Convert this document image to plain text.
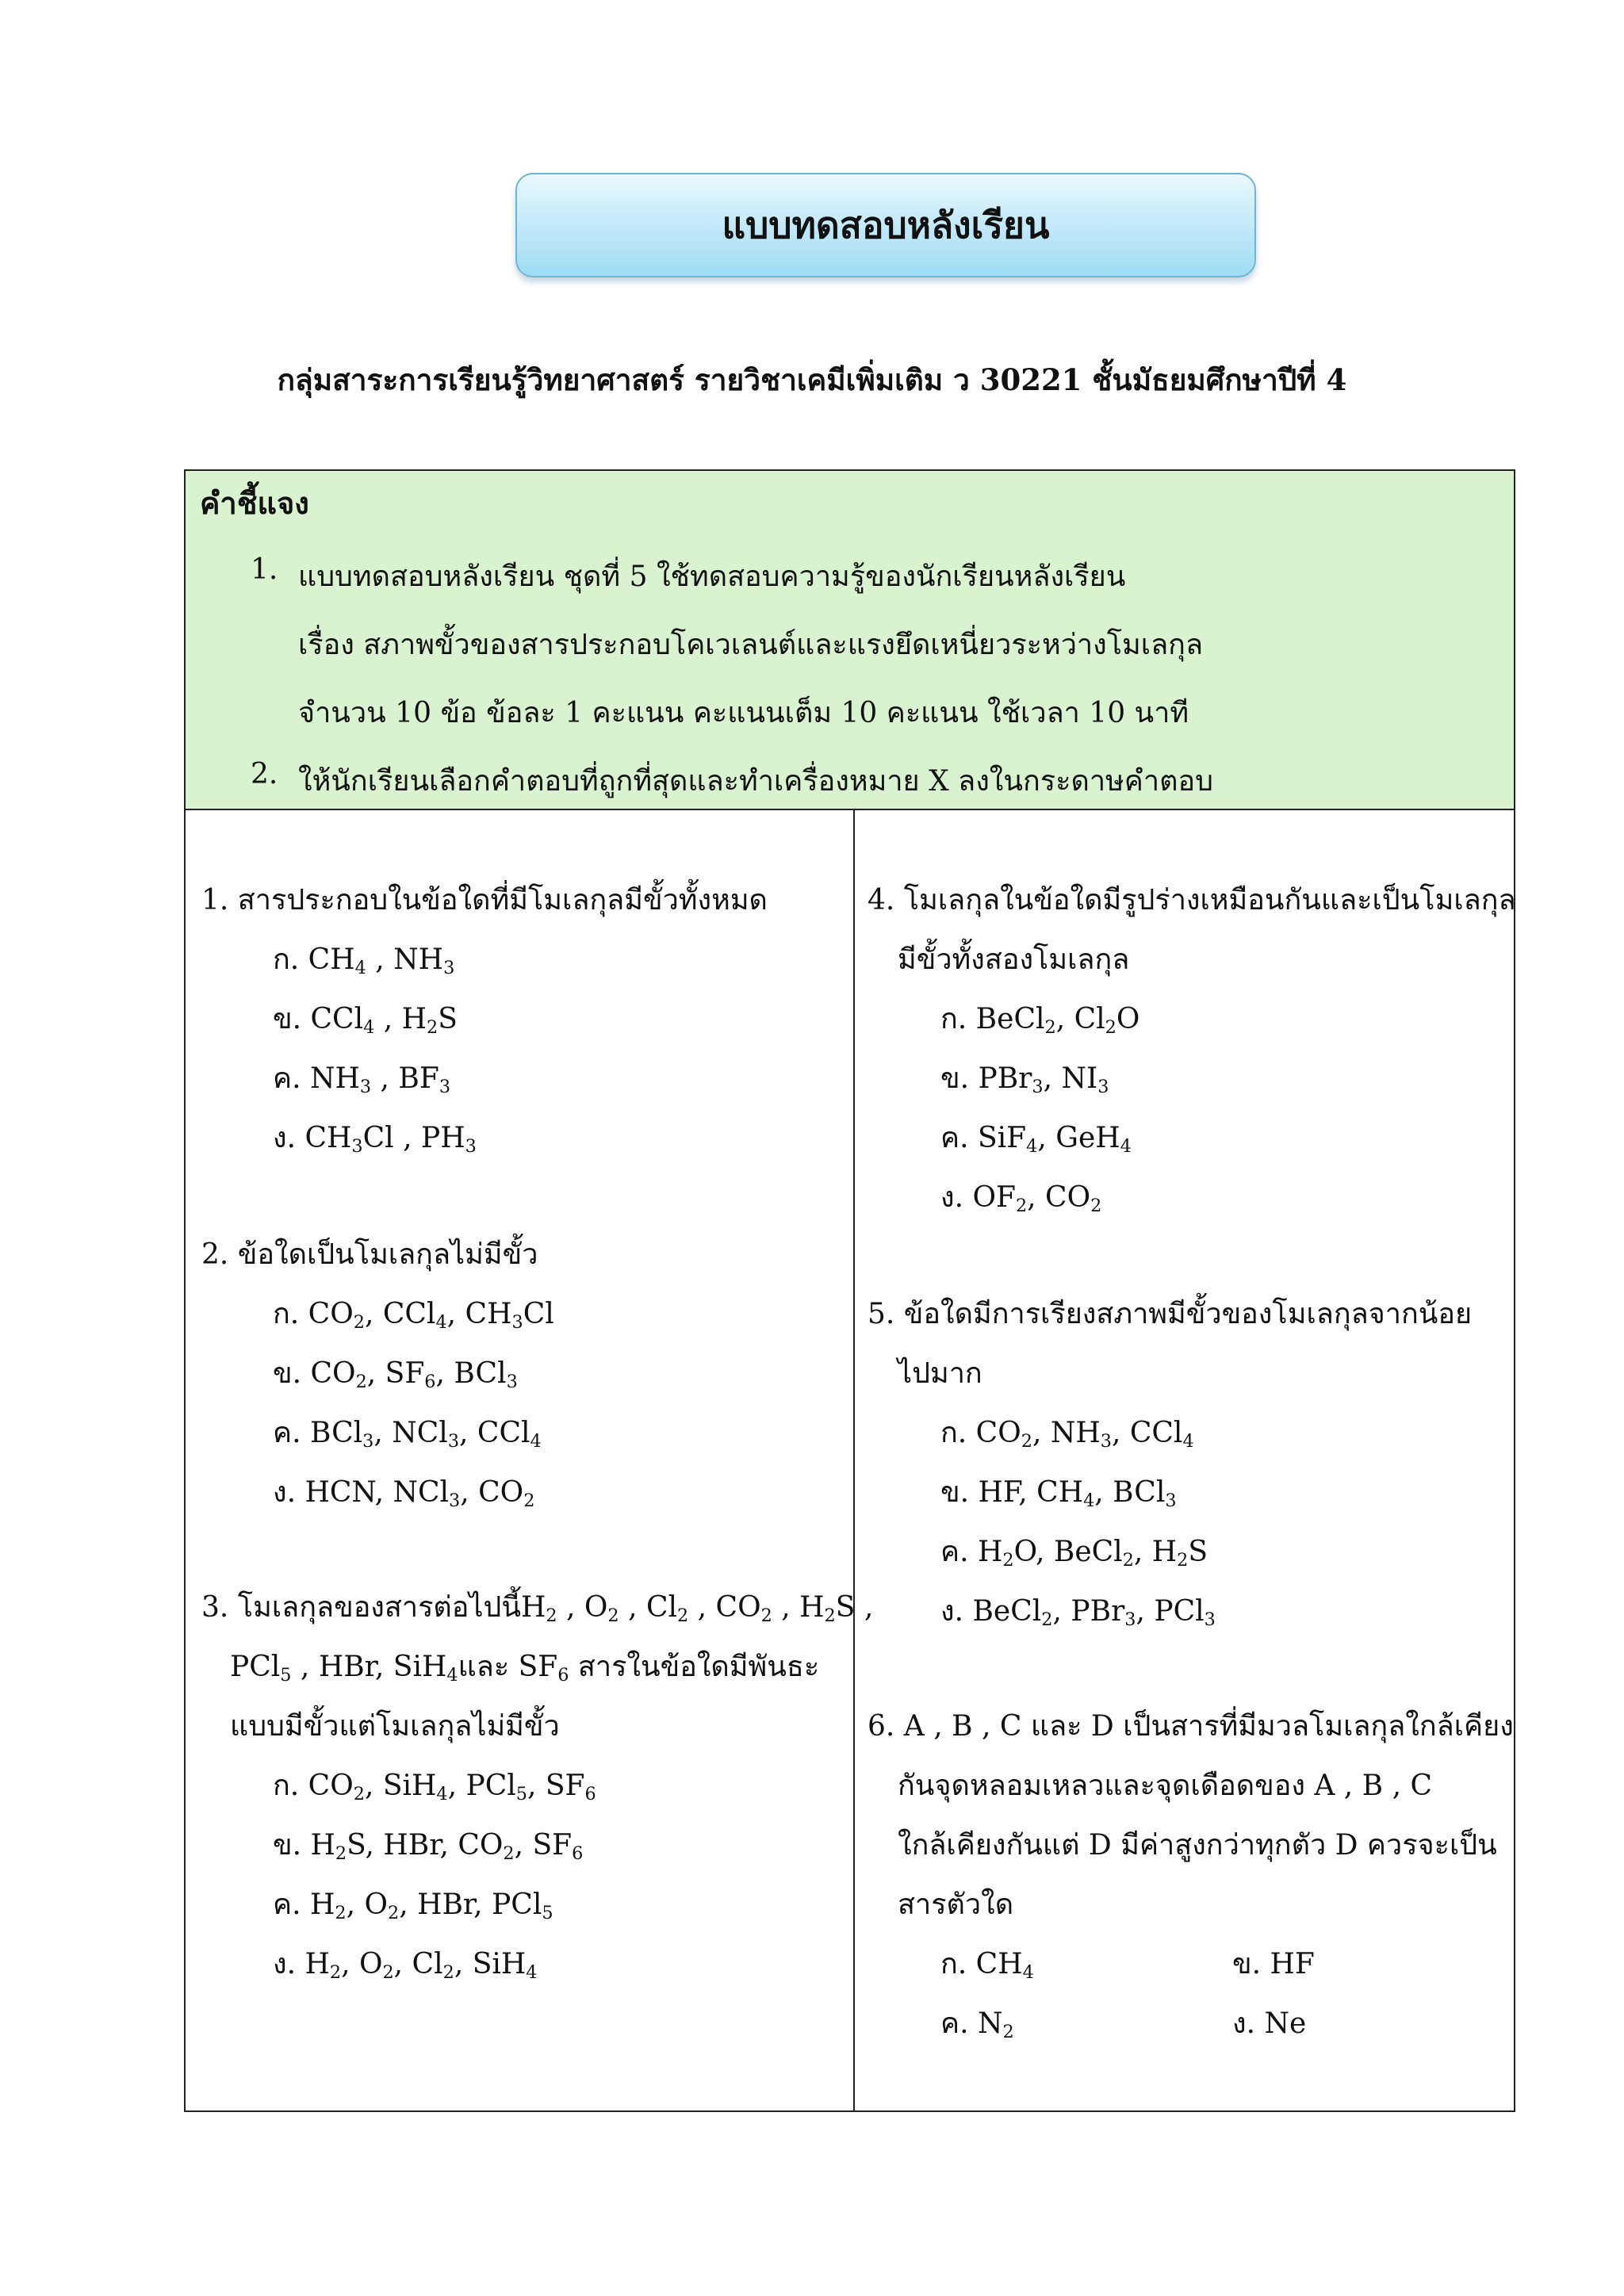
แบบทดสอบหลังเรียน
กลุ่มสาระการเรียนรู้วิทยาศาสตร์ รายวิชาเคมีเพิ่มเติม ว 30221 ชั้นมัธยมศึกษาปีที่ 4
คำชี้แจง
1. แบบทดสอบหลังเรียน ชุดที่ 5 ใช้ทดสอบความรู้ของนักเรียนหลังเรียน
เรื่อง สภาพขั้วของสารประกอบโคเวเลนต์และแรงยึดเหนี่ยวระหว่างโมเลกุล
จำนวน 10 ข้อ ข้อละ 1 คะแนน คะแนนเต็ม 10 คะแนน ใช้เวลา 10 นาที
2. ให้นักเรียนเลือกคำตอบที่ถูกที่สุดและทำเครื่องหมาย X ลงในกระดาษคำตอบ
1. สารประกอบในข้อใดที่มีโมเลกุลมีขั้วทั้งหมด
ก. $CH_4$ , $NH_3$
ข. CCl$_4$ , $H_2S$
ค. $NH_3$ , $BF_3$
ง. $CH_3Cl$ , $PH_3$
2. ข้อใดเป็นโมเลกุลไม่มีขั้ว
ก. $CO_2$, CCl$_4$, $CH_3Cl$
ข. $CO_2$, $SF_6$, BCl$_3$
ค. BCl$_3$, NCl$_3$, CCl$_4$
ง. HCN, NCl$_3$, $CO_2$
3. โมเลกุลของสารต่อไปนี้$H_2$ , $O_2$ , $Cl_2$ , $CO_2$ , $H_2S$ ,
PCl$_5$ , HBr, SiH$_4$และ $SF_6$ สารในข้อใดมีพันธะ
แบบมีขั้วแต่โมเลกุลไม่มีขั้ว
ก. $CO_2$, SiH$_4$, PCl$_5$, $SF_6$
ข. $H_2S$, HBr, $CO_2$, $SF_6$
ค. $H_2$, $O_2$, HBr, PCl$_5$
ง. $H_2$, $O_2$, $Cl_2$, SiH$_4$
4. โมเลกุลในข้อใดมีรูปร่างเหมือนกันและเป็นโมเลกุล
มีขั้วทั้งสองโมเลกุล
ก. BeCl$_2$, $Cl_2O$
ข. PBr$_3$, $NI_3$
ค. SiF$_4$, GeH$_4$
ง. $OF_2$, $CO_2$
5. ข้อใดมีการเรียงสภาพมีขั้วของโมเลกุลจากน้อย
ไปมาก
ก. $CO_2$, $NH_3$, CCl$_4$
ข. HF, $CH_4$, BCl$_3$
ค. $H_2O$, BeCl$_2$, $H_2S$
ง. BeCl$_2$, PBr$_3$, PCl$_3$
6. A , B , C และ D เป็นสารที่มีมวลโมเลกุลใกล้เคียง
กันจุดหลอมเหลวและจุดเดือดของ A , B , C
ใกล้เคียงกันแต่ D มีค่าสูงกว่าทุกตัว D ควรจะเป็น
สารตัวใด
ก. $CH_4$	ข. HF
ค. $N_2$	ง. Ne
